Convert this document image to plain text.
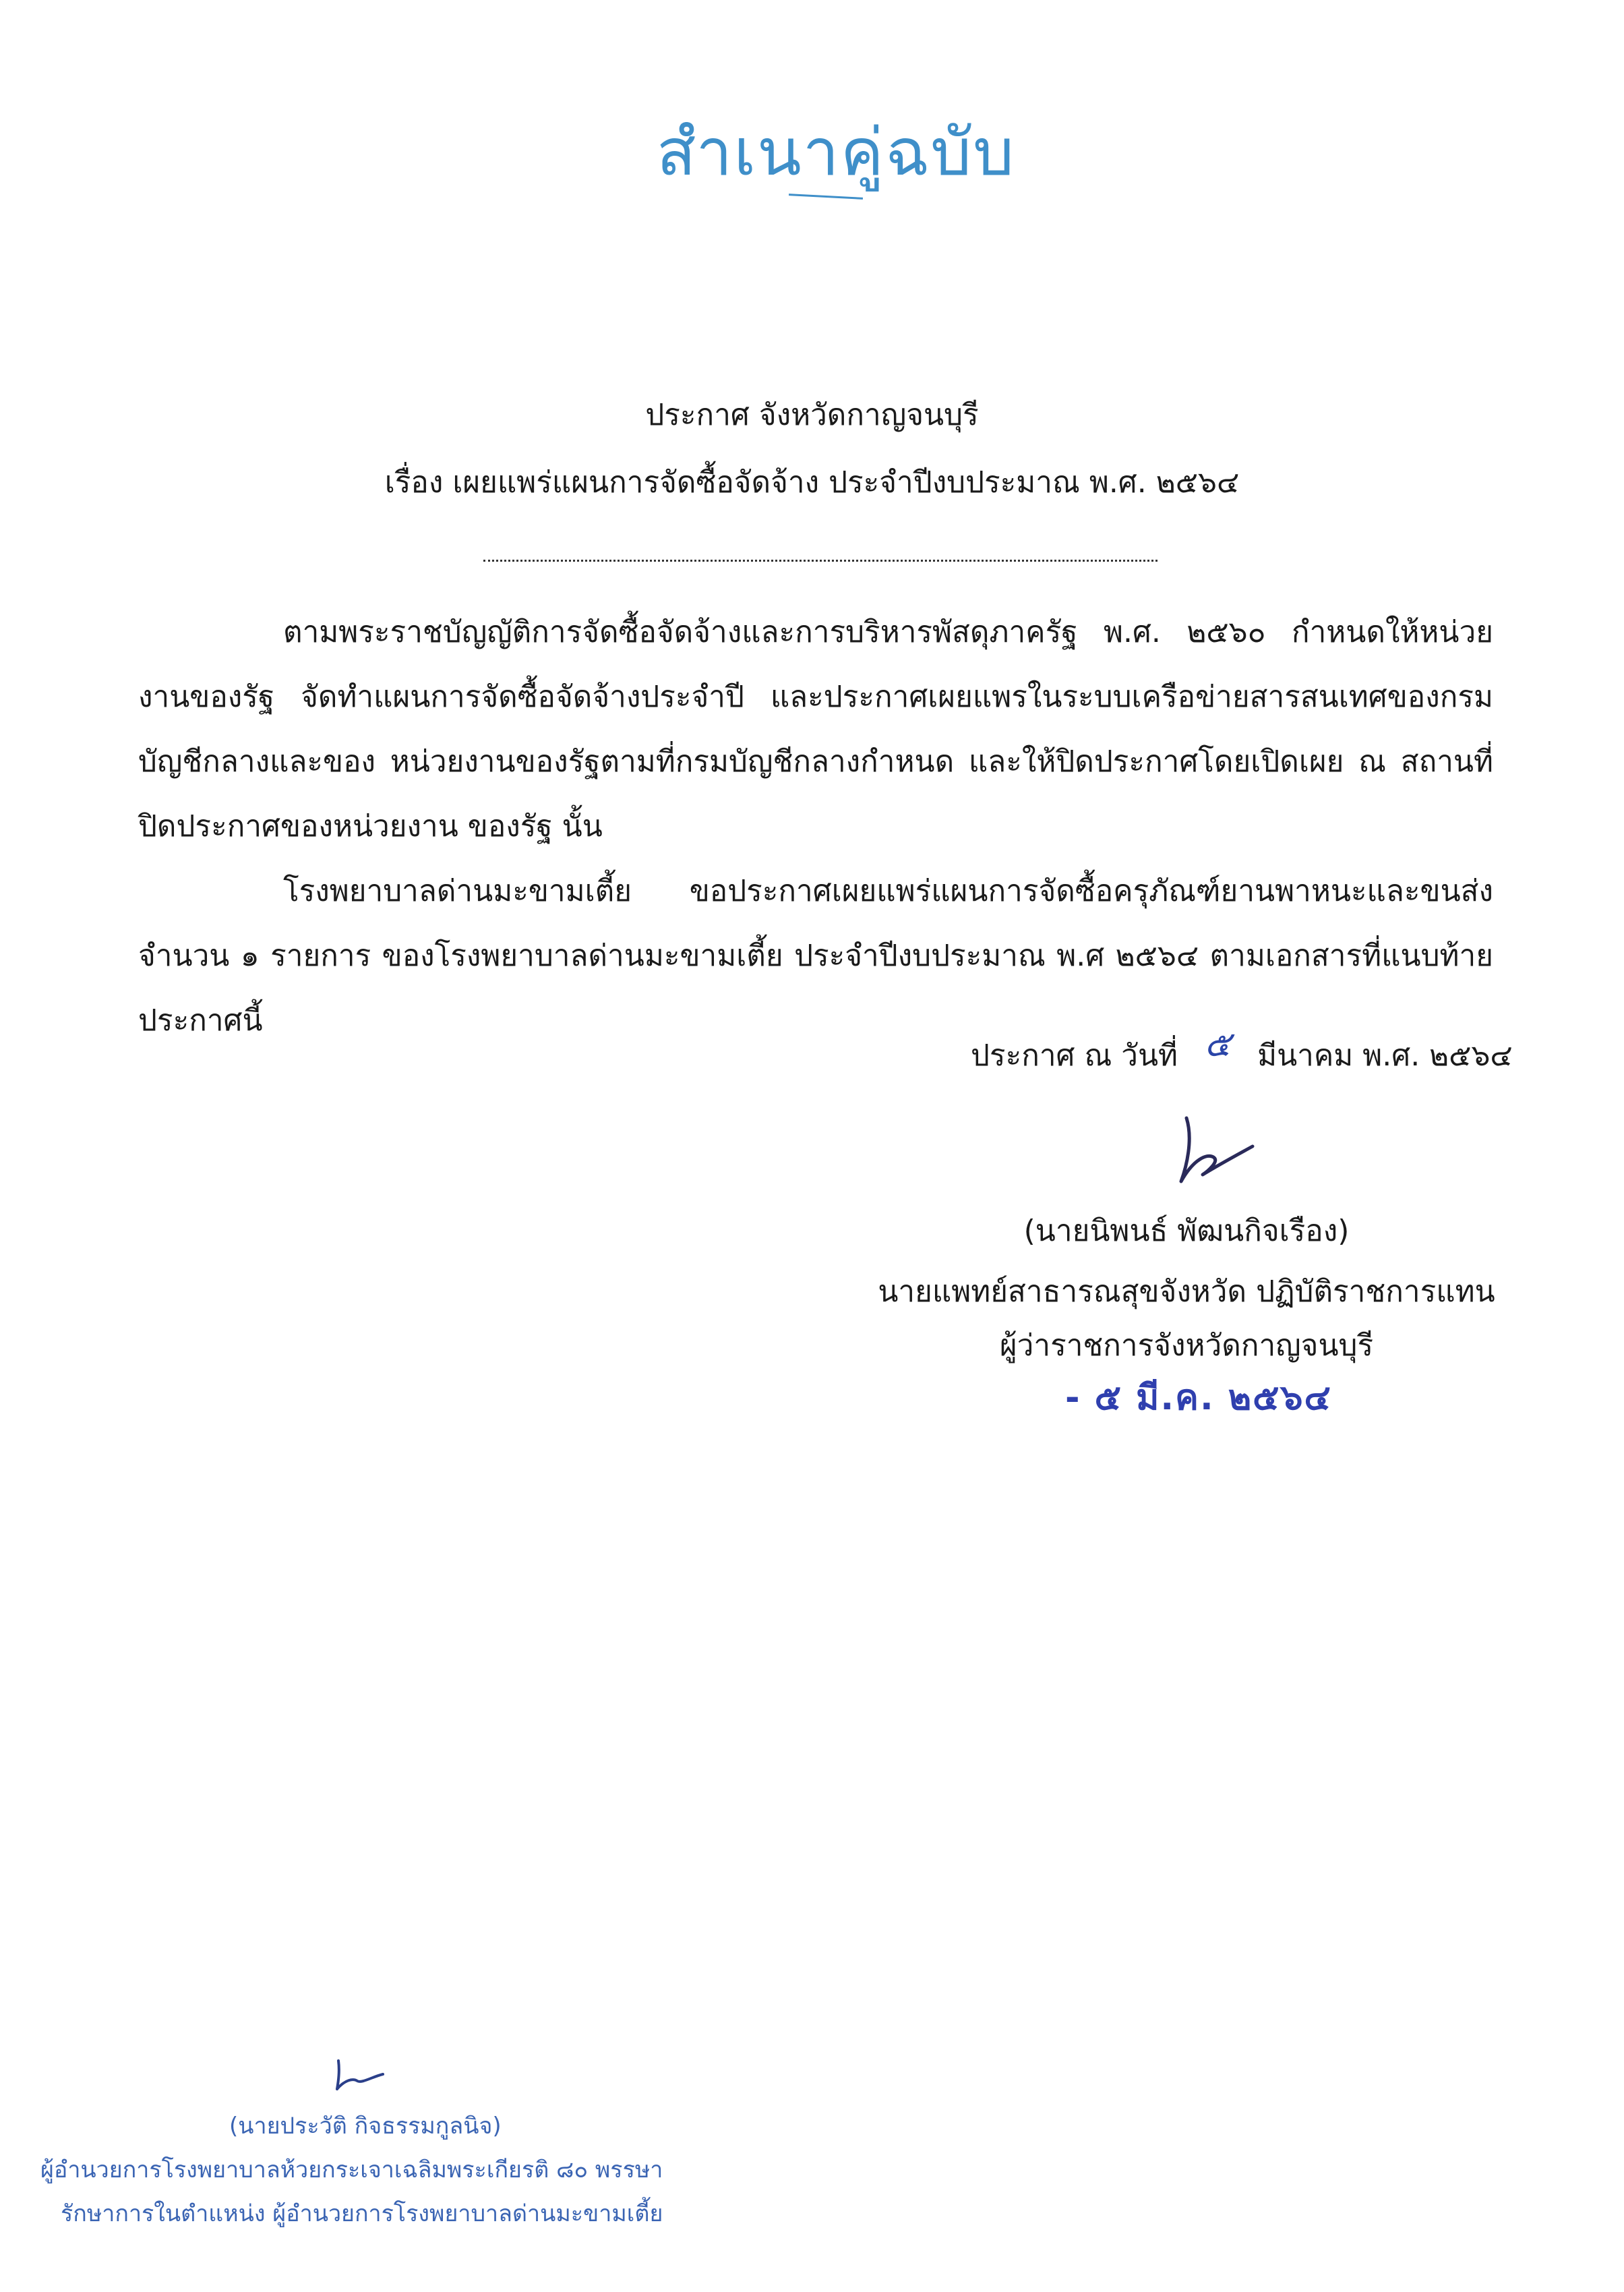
สำเนาคู่ฉบับ
ประกาศ จังหวัดกาญจนบุรี
เรื่อง เผยแพร่แผนการจัดซื้อจัดจ้าง ประจำปีงบประมาณ พ.ศ. ๒๕๖๔

ตามพระราชบัญญัติการจัดซื้อจัดจ้างและการบริหารพัสดุภาครัฐ พ.ศ. ๒๕๖๐ กำหนดให้หน่วยงานของรัฐ จัดทำแผนการจัดซื้อจัดจ้างประจำปี และประกาศเผยแพรในระบบเครือข่ายสารสนเทศของกรมบัญชีกลางและของ หน่วยงานของรัฐตามที่กรมบัญชีกลางกำหนด และให้ปิดประกาศโดยเปิดเผย ณ สถานที่ปิดประกาศของหน่วยงาน ของรัฐ นั้น

โรงพยาบาลด่านมะขามเตี้ย ขอประกาศเผยแพร่แผนการจัดซื้อครุภัณฑ์ยานพาหนะและขนส่ง จำนวน ๑ รายการ ของโรงพยาบาลด่านมะขามเตี้ย ประจำปีงบประมาณ พ.ศ ๒๕๖๔ ตามเอกสารที่แนบท้ายประกาศนี้

ประกาศ ณ วันที่ ๕ มีนาคม พ.ศ. ๒๕๖๔
(นายนิพนธ์ พัฒนกิจเรือง)
นายแพทย์สาธารณสุขจังหวัด ปฏิบัติราชการแทน
ผู้ว่าราชการจังหวัดกาญจนบุรี
- ๕ มี.ค. ๒๕๖๔
(นายประวัติ กิจธรรมกูลนิจ)
ผู้อำนวยการโรงพยาบาลห้วยกระเจาเฉลิมพระเกียรติ ๘๐ พรรษา
รักษาการในตำแหน่ง ผู้อำนวยการโรงพยาบาลด่านมะขามเตี้ย
